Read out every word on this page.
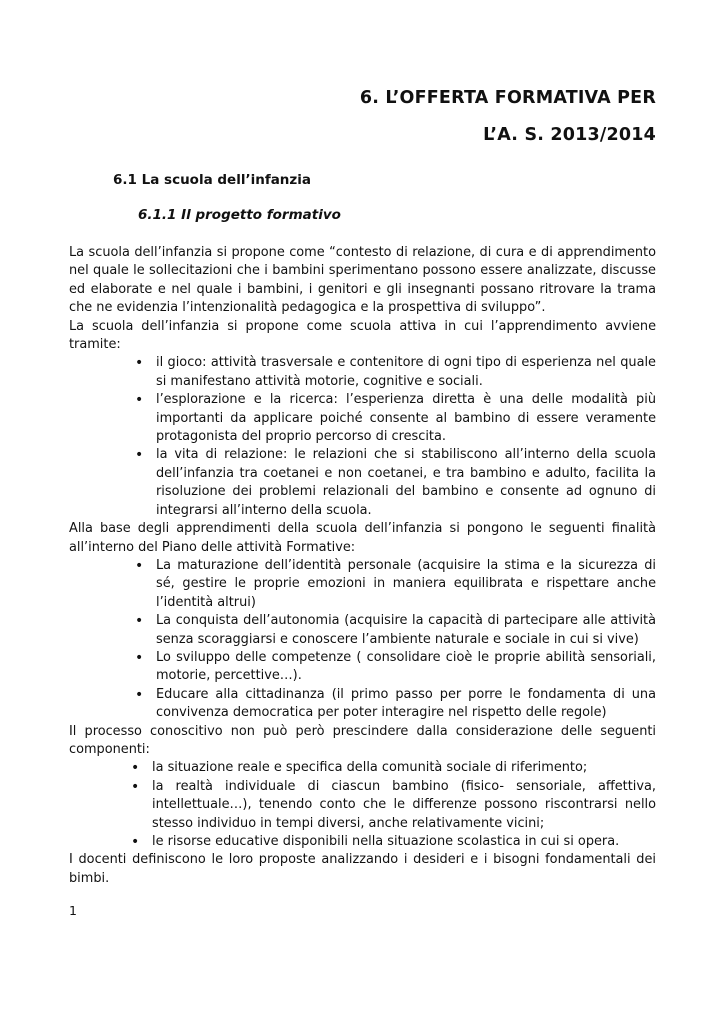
6. L’OFFERTA FORMATIVA PER
L’A. S. 2013/2014
6.1 La scuola dell’infanzia
6.1.1 Il progetto formativo

La scuola dell’infanzia si propone come “contesto di relazione, di cura e di apprendimento nel quale le sollecitazioni che i bambini sperimentano possono essere analizzate, discusse ed elaborate e nel quale i bambini, i genitori e gli insegnanti possano ritrovare la trama che ne evidenzia l’intenzionalità pedagogica e la prospettiva di sviluppo”.

La scuola dell’infanzia si propone come scuola attiva in cui l’apprendimento avviene tramite:

• il gioco: attività trasversale e contenitore di ogni tipo di esperienza nel quale si manifestano attività motorie, cognitive e sociali.
• l’esplorazione e la ricerca: l’esperienza diretta è una delle modalità più importanti da applicare poiché consente al bambino di essere veramente protagonista del proprio percorso di crescita.
• la vita di relazione: le relazioni che si stabiliscono all’interno della scuola dell’infanzia tra coetanei e non coetanei, e tra bambino e adulto, facilita la risoluzione dei problemi relazionali del bambino e consente ad ognuno di integrarsi all’interno della scuola.

Alla base degli apprendimenti della scuola dell’infanzia si pongono le seguenti finalità all’interno del Piano delle attività Formative:

• La maturazione dell’identità personale (acquisire la stima e la sicurezza di sé, gestire le proprie emozioni in maniera equilibrata e rispettare anche l’identità altrui)
• La conquista dell’autonomia (acquisire la capacità di partecipare alle attività senza scoraggiarsi e conoscere l’ambiente naturale e sociale in cui si vive)
• Lo sviluppo delle competenze ( consolidare cioè le proprie abilità sensoriali, motorie, percettive…).
• Educare alla cittadinanza (il primo passo per porre le fondamenta di una convivenza democratica per poter interagire nel rispetto delle regole)

Il processo conoscitivo non può però prescindere dalla considerazione delle seguenti componenti:

• la situazione reale e specifica della comunità sociale di riferimento;
• la realtà individuale di ciascun bambino (fisico- sensoriale, affettiva, intellettuale…), tenendo conto che le differenze possono riscontrarsi nello stesso individuo in tempi diversi, anche relativamente vicini;
• le risorse educative disponibili nella situazione scolastica in cui si opera.

I docenti definiscono le loro proposte analizzando i desideri e i bisogni fondamentali dei bimbi.

1
